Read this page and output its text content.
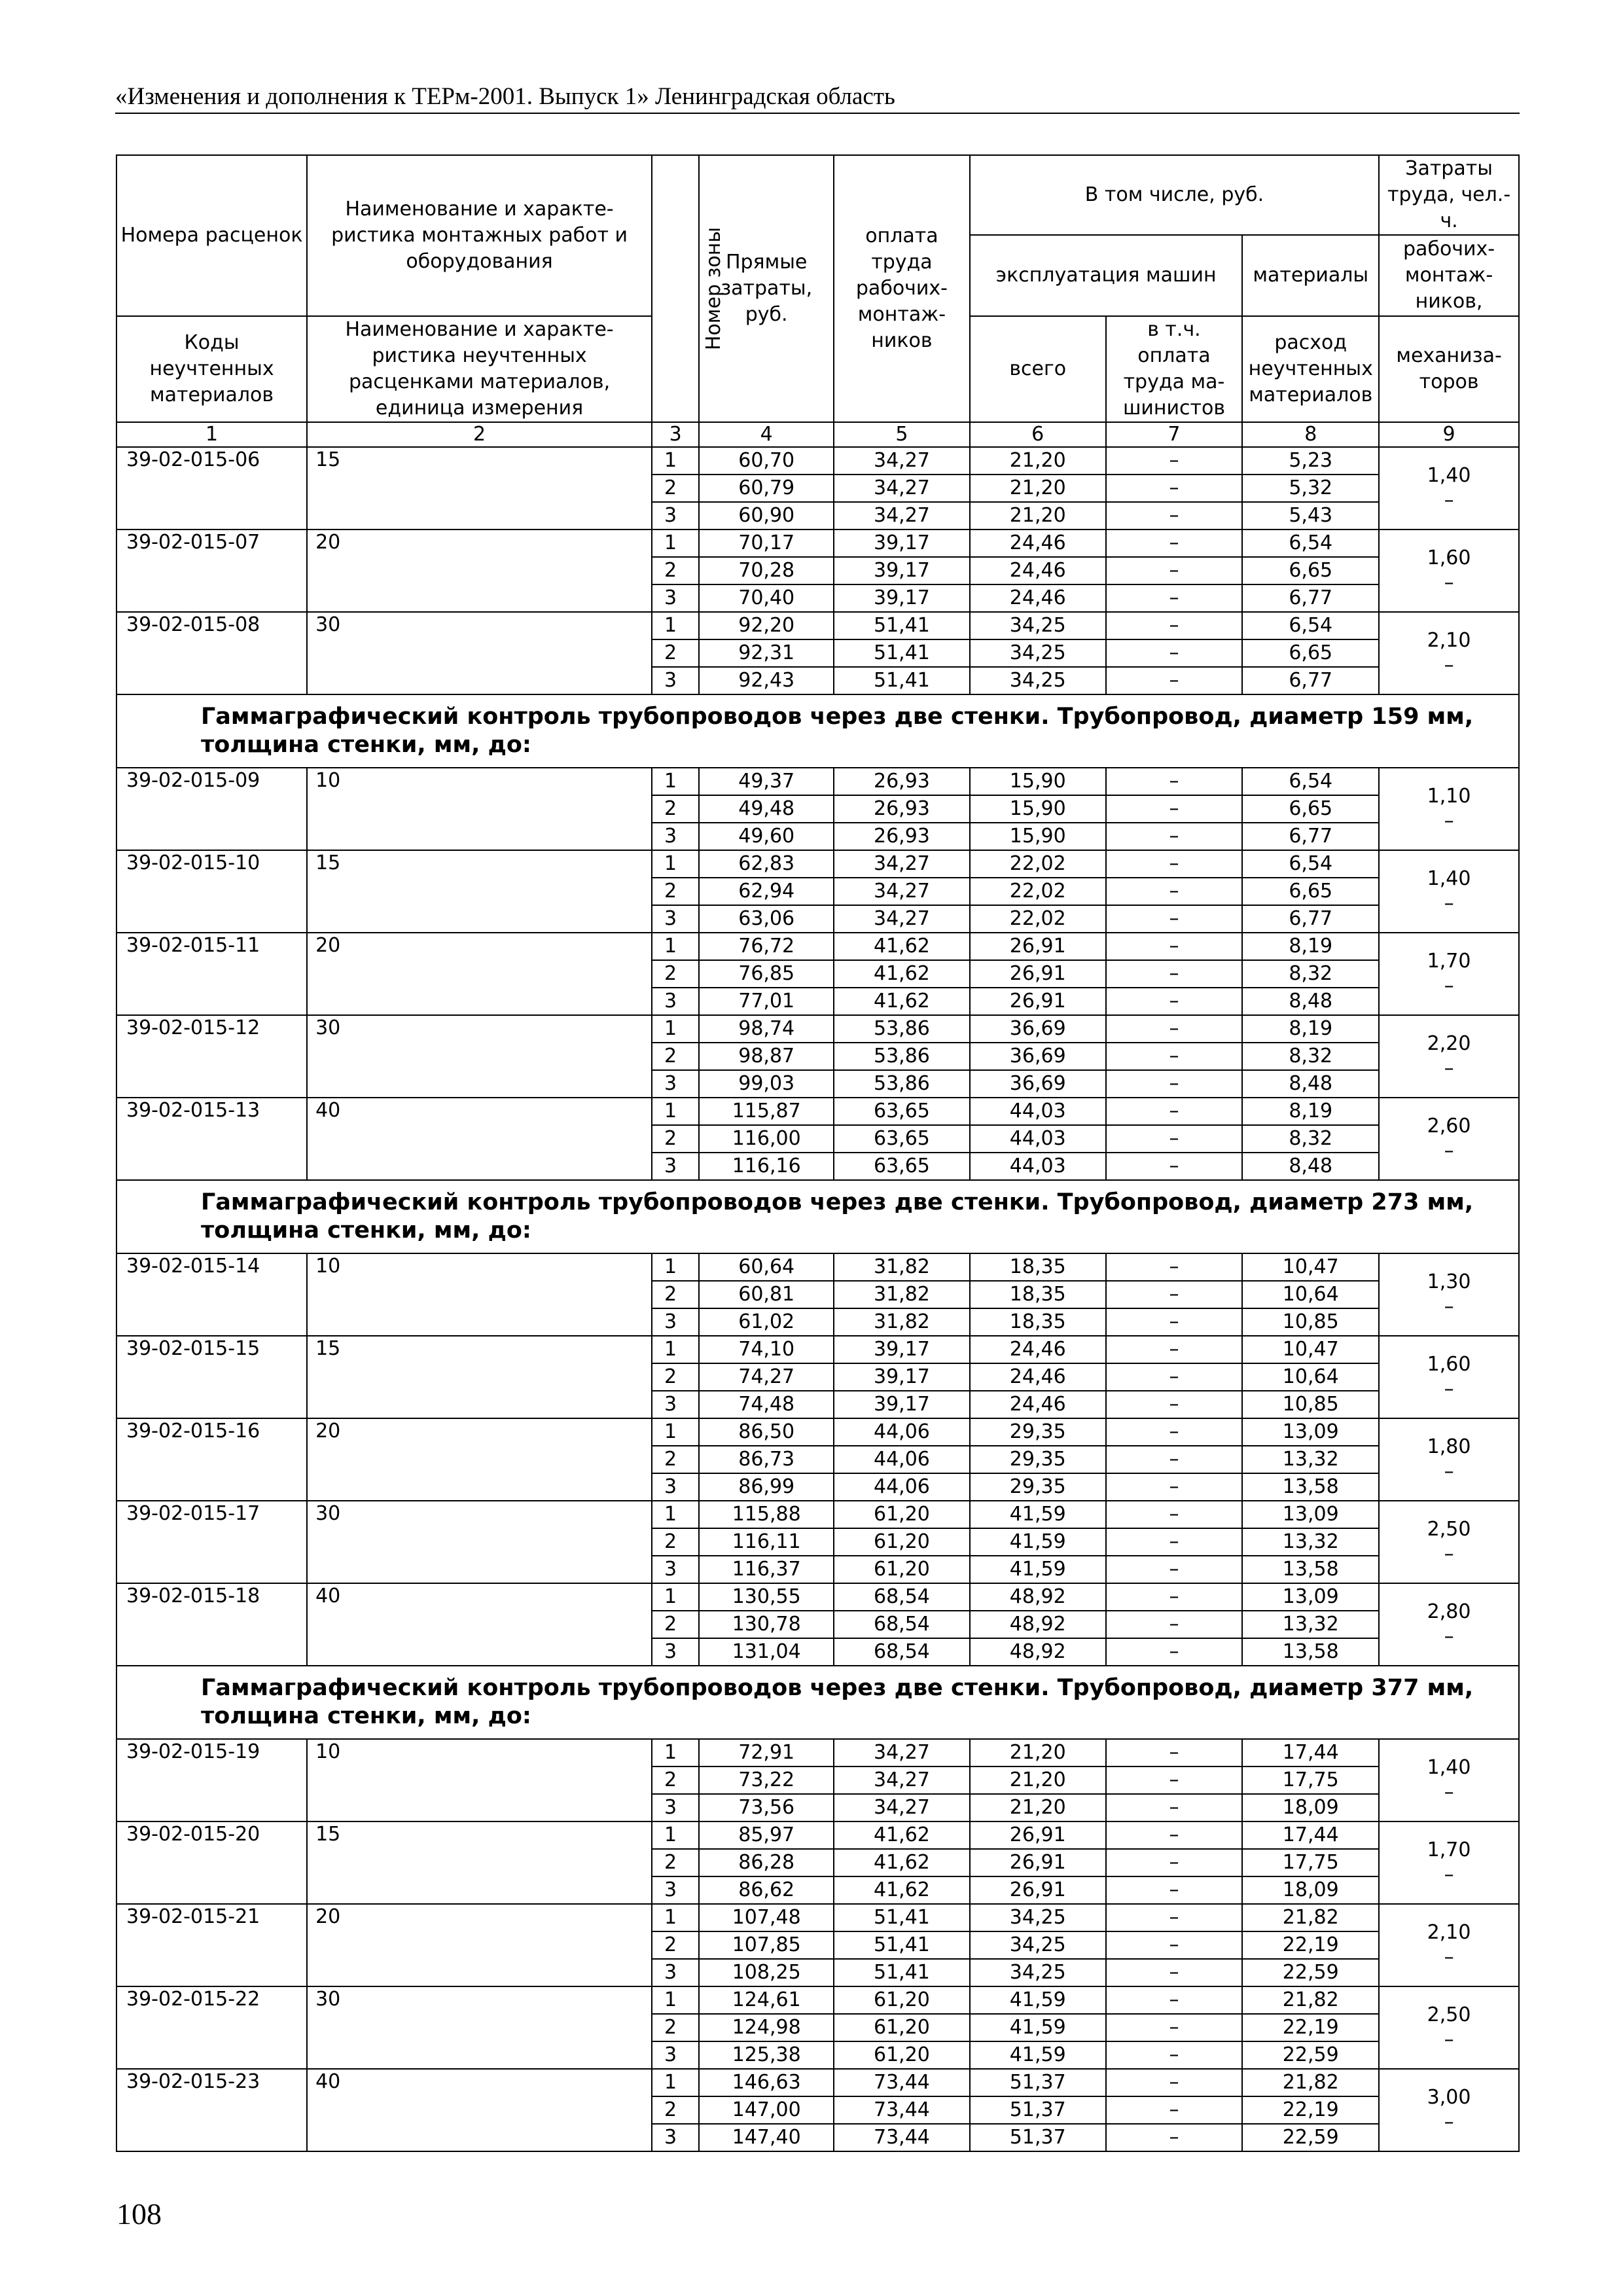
«Изменения и дополнения к ТЕРм-2001. Выпуск 1» Ленинградская область
Номера расценок	Наименование и характеристика монтажных работ и оборудования	Номер зоны	Прямые затраты, руб.	оплата труда рабочих-монтажников	В том числе, руб.			Затраты труда, чел.-ч.
					эксплуатация машин		материалы	рабочих-монтажников,
Коды неучтенных материалов	Наименование и характеристика неучтенных расценками материалов, единица измерения				всего	в т.ч. оплата труда машинистов	расход неучтенных материалов	механизаторов
1	2	3	4	5	6	7	8	9
39-02-015-06	15	1	60,70	34,27	21,20	–	5,23	1,40
–

		2	60,79	34,27	21,20	–	5,32	
		3	60,90	34,27	21,20	–	5,43	
39-02-015-07	20	1	70,17	39,17	24,46	–	6,54	1,60
–

		2	70,28	39,17	24,46	–	6,65	
		3	70,40	39,17	24,46	–	6,77	
39-02-015-08	30	1	92,20	51,41	34,25	–	6,54	2,10
–

		2	92,31	51,41	34,25	–	6,65	
		3	92,43	51,41	34,25	–	6,77	
Гаммаграфический контроль трубопроводов через две стенки. Трубопровод, диаметр 159 мм, толщина стенки, мм, до:								
39-02-015-09	10	1	49,37	26,93	15,90	–	6,54	1,10
–

		2	49,48	26,93	15,90	–	6,65	
		3	49,60	26,93	15,90	–	6,77	
39-02-015-10	15	1	62,83	34,27	22,02	–	6,54	1,40
–

		2	62,94	34,27	22,02	–	6,65	
		3	63,06	34,27	22,02	–	6,77	
39-02-015-11	20	1	76,72	41,62	26,91	–	8,19	1,70
–

		2	76,85	41,62	26,91	–	8,32	
		3	77,01	41,62	26,91	–	8,48	
39-02-015-12	30	1	98,74	53,86	36,69	–	8,19	2,20
–

		2	98,87	53,86	36,69	–	8,32	
		3	99,03	53,86	36,69	–	8,48	
39-02-015-13	40	1	115,87	63,65	44,03	–	8,19	2,60
–

		2	116,00	63,65	44,03	–	8,32	
		3	116,16	63,65	44,03	–	8,48	
Гаммаграфический контроль трубопроводов через две стенки. Трубопровод, диаметр 273 мм, толщина стенки, мм, до:								
39-02-015-14	10	1	60,64	31,82	18,35	–	10,47	1,30
–

		2	60,81	31,82	18,35	–	10,64	
		3	61,02	31,82	18,35	–	10,85	
39-02-015-15	15	1	74,10	39,17	24,46	–	10,47	1,60
–

		2	74,27	39,17	24,46	–	10,64	
		3	74,48	39,17	24,46	–	10,85	
39-02-015-16	20	1	86,50	44,06	29,35	–	13,09	1,80
–

		2	86,73	44,06	29,35	–	13,32	
		3	86,99	44,06	29,35	–	13,58	
39-02-015-17	30	1	115,88	61,20	41,59	–	13,09	2,50
–

		2	116,11	61,20	41,59	–	13,32	
		3	116,37	61,20	41,59	–	13,58	
39-02-015-18	40	1	130,55	68,54	48,92	–	13,09	2,80
–

		2	130,78	68,54	48,92	–	13,32	
		3	131,04	68,54	48,92	–	13,58	
Гаммаграфический контроль трубопроводов через две стенки. Трубопровод, диаметр 377 мм, толщина стенки, мм, до:								
39-02-015-19	10	1	72,91	34,27	21,20	–	17,44	1,40
–

		2	73,22	34,27	21,20	–	17,75	
		3	73,56	34,27	21,20	–	18,09	
39-02-015-20	15	1	85,97	41,62	26,91	–	17,44	1,70
–

		2	86,28	41,62	26,91	–	17,75	
		3	86,62	41,62	26,91	–	18,09	
39-02-015-21	20	1	107,48	51,41	34,25	–	21,82	2,10
–

		2	107,85	51,41	34,25	–	22,19	
		3	108,25	51,41	34,25	–	22,59	
39-02-015-22	30	1	124,61	61,20	41,59	–	21,82	2,50
–

		2	124,98	61,20	41,59	–	22,19	
		3	125,38	61,20	41,59	–	22,59	
39-02-015-23	40	1	146,63	73,44	51,37	–	21,82	3,00
–

		2	147,00	73,44	51,37	–	22,19	
		3	147,40	73,44	51,37	–	22,59	
108
